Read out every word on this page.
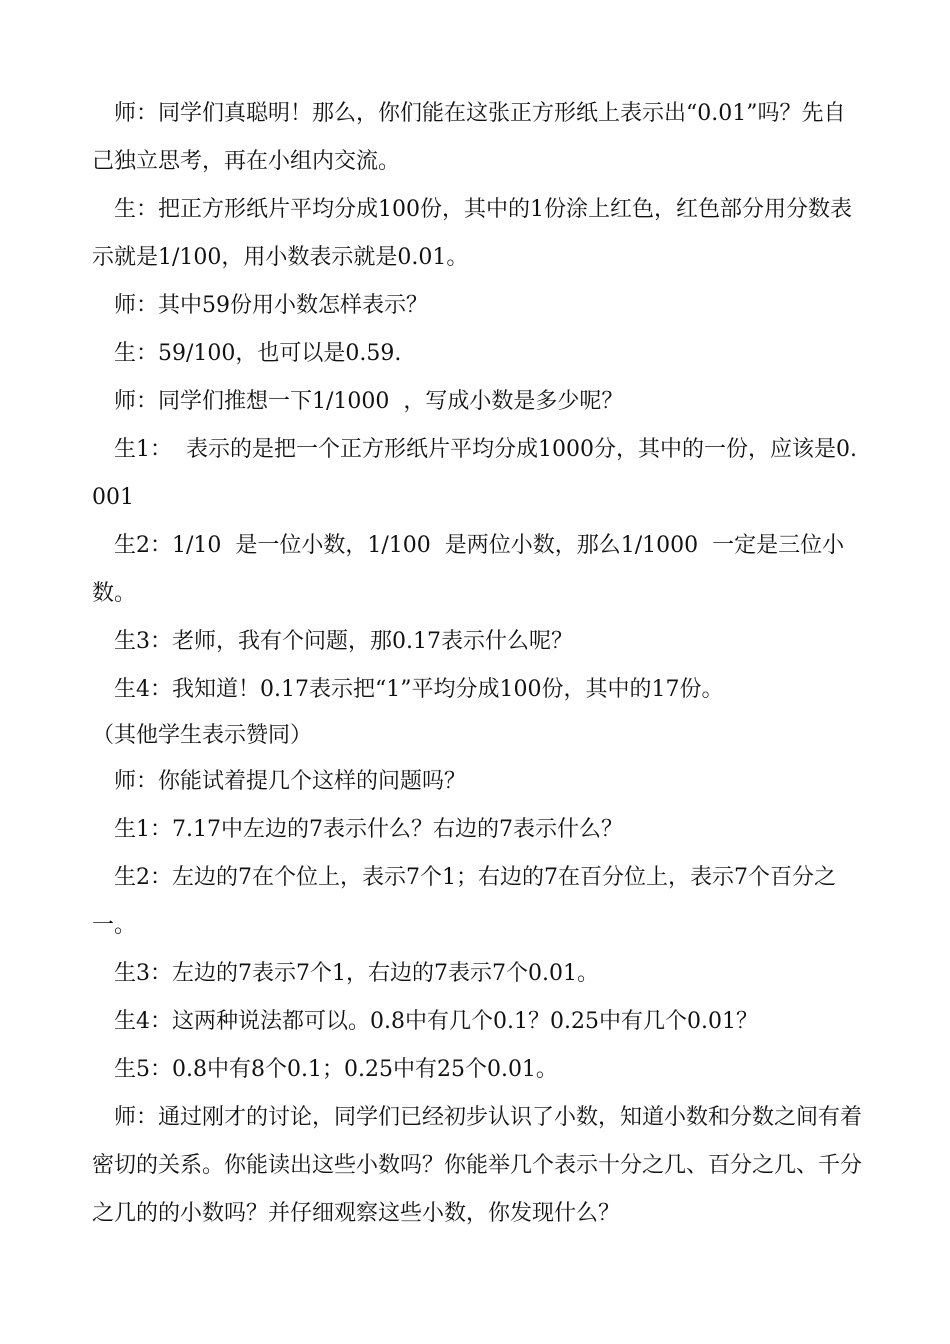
师：同学们真聪明！那么，你们能在这张正方形纸上表示出“0.01”吗？先自己独立思考，再在小组内交流。

生：把正方形纸片平均分成100份，其中的1份涂上红色，红色部分用分数表示就是1/100，用小数表示就是0.01。

师：其中59份用小数怎样表示？

生：59/100，也可以是0.59.

师：同学们推想一下1/1000  ，写成小数是多少呢？

生1：  表示的是把一个正方形纸片平均分成1000分，其中的一份，应该是0.001

生2：1/10  是一位小数，1/100  是两位小数，那么1/1000  一定是三位小数。

生3：老师，我有个问题，那0.17表示什么呢？

生4：我知道！0.17表示把“1”平均分成100份，其中的17份。

（其他学生表示赞同）

师：你能试着提几个这样的问题吗？

生1：7.17中左边的7表示什么？右边的7表示什么？

生2：左边的7在个位上，表示7个1；右边的7在百分位上，表示7个百分之一。

生3：左边的7表示7个1，右边的7表示7个0.01。

生4：这两种说法都可以。0.8中有几个0.1？0.25中有几个0.01？

生5：0.8中有8个0.1；0.25中有25个0.01。

师：通过刚才的讨论，同学们已经初步认识了小数，知道小数和分数之间有着密切的关系。你能读出这些小数吗？你能举几个表示十分之几、百分之几、千分之几的的小数吗？并仔细观察这些小数，你发现什么？
